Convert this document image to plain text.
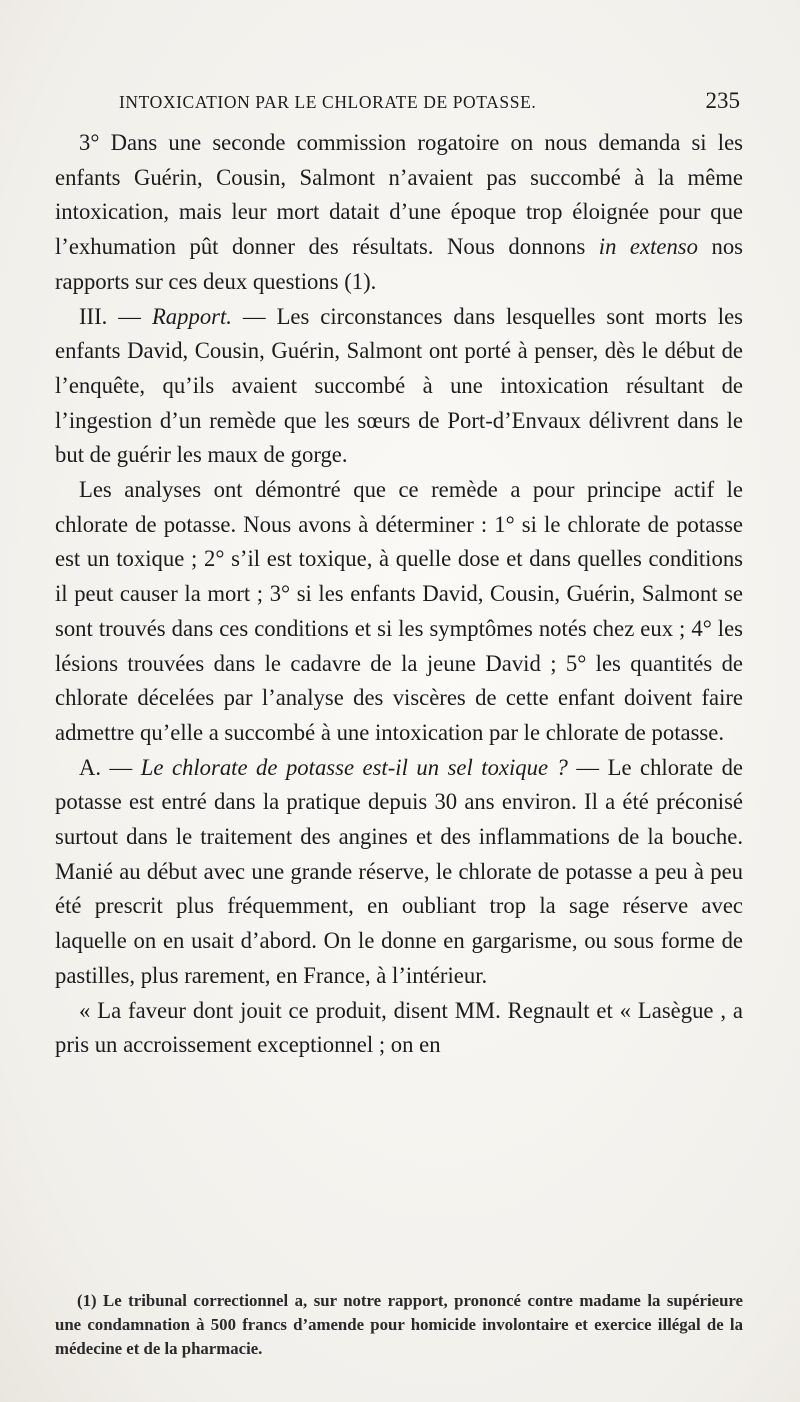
INTOXICATION PAR LE CHLORATE DE POTASSE.	235

3° Dans une seconde commission rogatoire on nous demanda si les enfants Guérin, Cousin, Salmont n’avaient pas succombé à la même intoxication, mais leur mort datait d’une époque trop éloignée pour que l’exhumation pût donner des résultats. Nous donnons in extenso nos rapports sur ces deux questions (1).

III. — Rapport. — Les circonstances dans lesquelles sont morts les enfants David, Cousin, Guérin, Salmont ont porté à penser, dès le début de l’enquête, qu’ils avaient succombé à une intoxication résultant de l’ingestion d’un remède que les sœurs de Port-d’Envaux délivrent dans le but de guérir les maux de gorge.

Les analyses ont démontré que ce remède a pour principe actif le chlorate de potasse. Nous avons à déterminer : 1° si le chlorate de potasse est un toxique ; 2° s’il est toxique, à quelle dose et dans quelles conditions il peut causer la mort ; 3° si les enfants David, Cousin, Guérin, Salmont se sont trouvés dans ces conditions et si les symptômes notés chez eux ; 4° les lésions trouvées dans le cadavre de la jeune David ; 5° les quantités de chlorate décelées par l’analyse des viscères de cette enfant doivent faire admettre qu’elle a succombé à une intoxication par le chlorate de potasse.

A. — Le chlorate de potasse est-il un sel toxique ? — Le chlorate de potasse est entré dans la pratique depuis 30 ans environ. Il a été préconisé surtout dans le traitement des angines et des inflammations de la bouche. Manié au début avec une grande réserve, le chlorate de potasse a peu à peu été prescrit plus fréquemment, en oubliant trop la sage réserve avec laquelle on en usait d’abord. On le donne en gargarisme, ou sous forme de pastilles, plus rarement, en France, à l’intérieur.

« La faveur dont jouit ce produit, disent MM. Regnault et « Lasègue , a pris un accroissement exceptionnel ; on en

(1) Le tribunal correctionnel a, sur notre rapport, prononcé contre madame la supérieure une condamnation à 500 francs d’amende pour homicide involontaire et exercice illégal de la médecine et de la pharmacie.
